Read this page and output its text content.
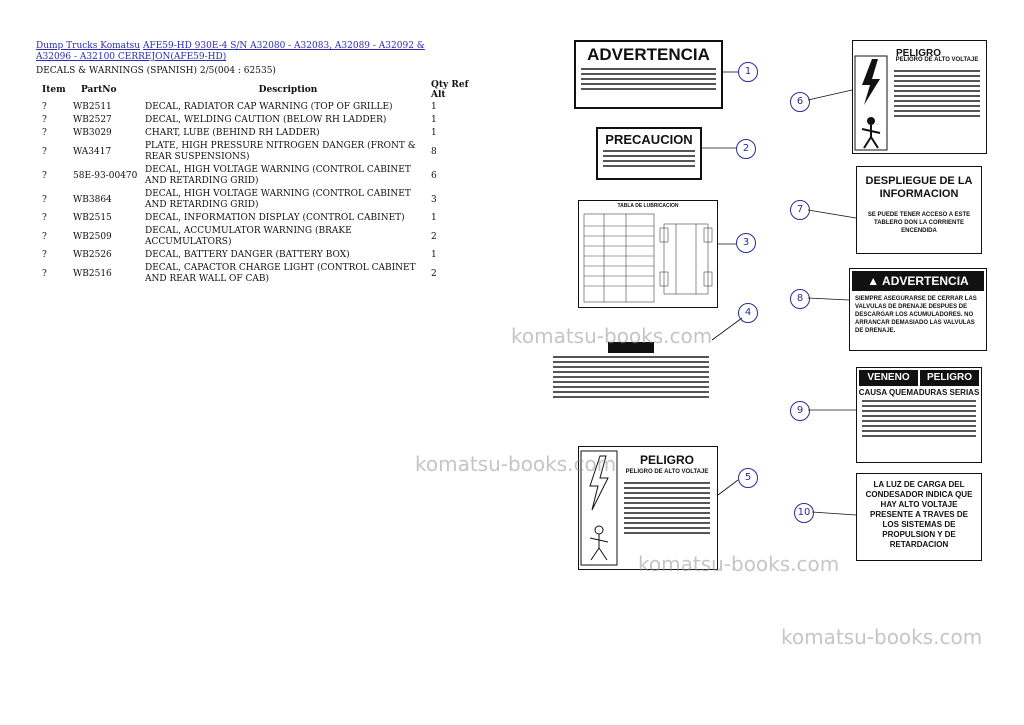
Dump Trucks Komatsu AFE59-HD 930E-4 S/N A32080 - A32083, A32089 - A32092 & A32096 - A32100 CERREJON(AFE59-HD)
DECALS & WARNINGS (SPANISH) 2/5(004 : 62535)
Item	PartNo	Description	Qty Ref Alt
?	WB2511	DECAL, RADIATOR CAP WARNING (TOP OF GRILLE)	1
?	WB2527	DECAL, WELDING CAUTION (BELOW RH LADDER)	1
?	WB3029	CHART, LUBE (BEHIND RH LADDER)	1
?	WA3417	PLATE, HIGH PRESSURE NITROGEN DANGER (FRONT & REAR SUSPENSIONS)	8
?	58E-93-00470	DECAL, HIGH VOLTAGE WARNING (CONTROL CABINET AND RETARDING GRID)	6
?	WB3864	DECAL, HIGH VOLTAGE WARNING (CONTROL CABINET AND RETARDING GRID)	3
?	WB2515	DECAL, INFORMATION DISPLAY (CONTROL CABINET)	1
?	WB2509	DECAL, ACCUMULATOR WARNING (BRAKE ACCUMULATORS)	2
?	WB2526	DECAL, BATTERY DANGER (BATTERY BOX)	1
?	WB2516	DECAL, CAPACTOR CHARGE LIGHT (CONTROL CABINET AND REAR WALL OF CAB)	2
ADVERTENCIA
PRECAUCION
TABLA DE LUBRICACION
PELIGRO
PELIGRO DE ALTO VOLTAJE
PELIGRO
PELIGRO DE ALTO VOLTAJE
DESPLIEGUE DE LA INFORMACION
SE PUEDE TENER ACCESO A ESTE TABLERO DON LA CORRIENTE ENCENDIDA
▲ ADVERTENCIA
SIEMPRE ASEGURARSE DE CERRAR LAS VALVULAS DE DRENAJE DESPUES DE DESCARGAR LOS ACUMULADORES. NO ARRANCAR DEMASIADO LAS VALVULAS DE DRENAJE.
VENENO	PELIGRO
CAUSA QUEMADURAS SERIAS
LA LUZ DE CARGA DEL CONDESADOR INDICA QUE HAY ALTO VOLTAJE PRESENTE A TRAVES DE LOS SISTEMAS DE PROPULSION Y DE RETARDACION
1
2
3
4
5
6
7
8
9
10
komatsu-books.com
komatsu-books.com
komatsu-books.com
komatsu-books.com
